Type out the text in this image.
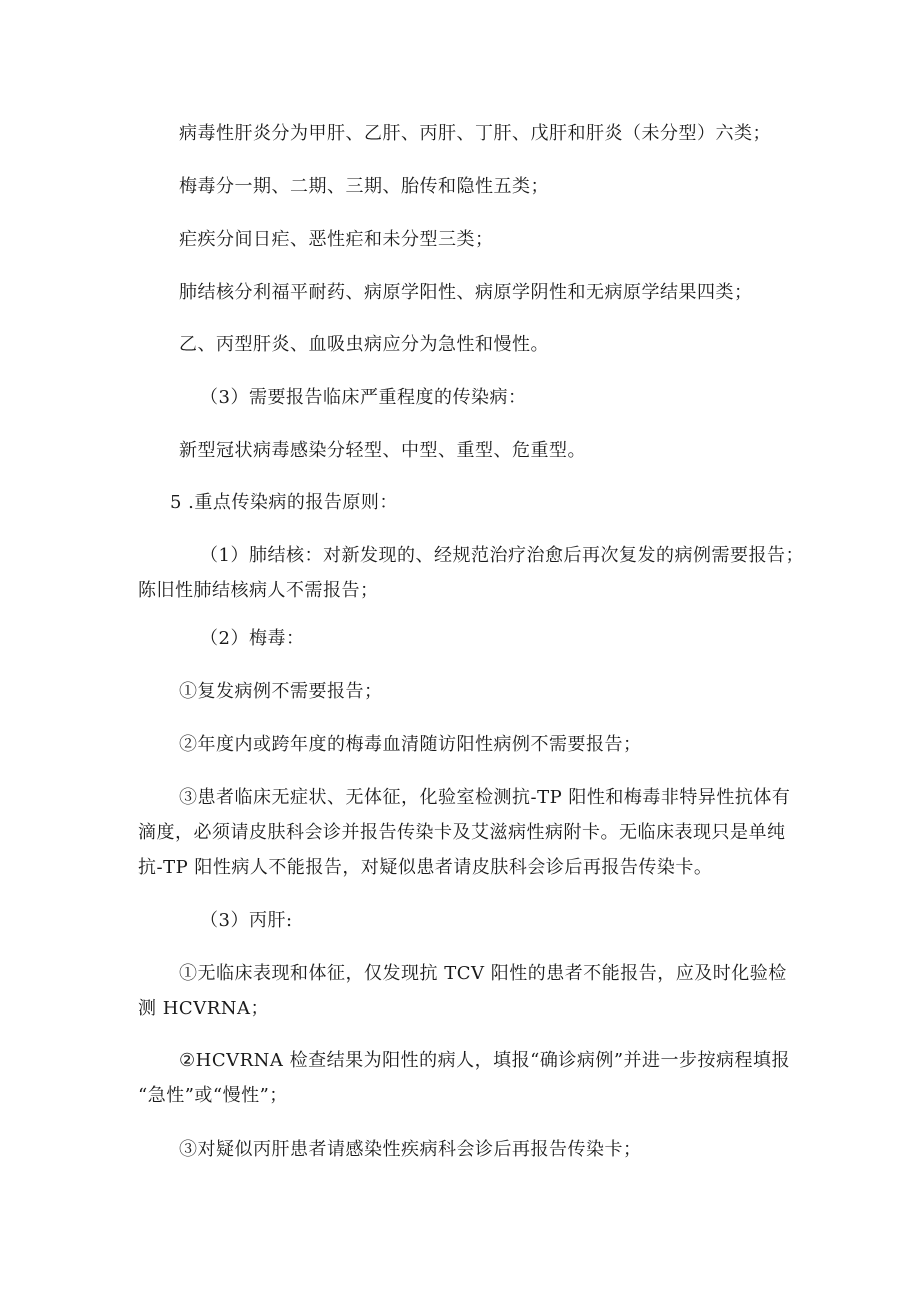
病毒性肝炎分为甲肝、乙肝、丙肝、丁肝、戊肝和肝炎（未分型）六类；
梅毒分一期、二期、三期、胎传和隐性五类；
疟疾分间日疟、恶性疟和未分型三类；
肺结核分利福平耐药、病原学阳性、病原学阴性和无病原学结果四类；
乙、丙型肝炎、血吸虫病应分为急性和慢性。
（3）需要报告临床严重程度的传染病：
新型冠状病毒感染分轻型、中型、重型、危重型。
5 .重点传染病的报告原则：
（1）肺结核：对新发现的、经规范治疗治愈后再次复发的病例需要报告；
陈旧性肺结核病人不需报告；
（2）梅毒：
①复发病例不需要报告；
②年度内或跨年度的梅毒血清随访阳性病例不需要报告；
③患者临床无症状、无体征，化验室检测抗-TP 阳性和梅毒非特异性抗体有
滴度，必须请皮肤科会诊并报告传染卡及艾滋病性病附卡。无临床表现只是单纯
抗-TP 阳性病人不能报告，对疑似患者请皮肤科会诊后再报告传染卡。
（3）丙肝:
①无临床表现和体征，仅发现抗 TCV 阳性的患者不能报告，应及时化验检
测 HCVRNA；
②HCVRNA 检查结果为阳性的病人，填报“确诊病例”并进一步按病程填报
“急性”或“慢性”；
③对疑似丙肝患者请感染性疾病科会诊后再报告传染卡；
